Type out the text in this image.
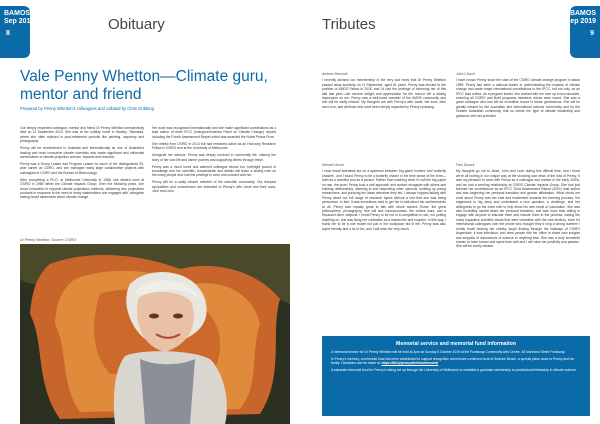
BAMOS
Sep 2019
8
Obituary
Vale Penny Whetton—Climate guru, mentor and friend
Prepared by Penny Whetton’s colleagues and collated by Chris Gribbing

Our deeply respected colleague, mentor and friend Dr Penny Whetton unexpectedly died on 11 September 2019. She was at her holiday home in Stanley, Tasmania, where she often rejoiced in post-retirement pursuits like painting, carpentry and photography.

Penny will be remembered in Australia and internationally as one of Australia’s leading and most innovative climate scientists who made significant and influential contributions to climate projection science, impacts and research.

Penny was a Group Leader and Program Leader for much of her distinguished 25-year career at CSIRO, and she managed many large collaborative projects with colleagues in CSIRO and the Bureau of Meteorology.

After completing a Ph.D. at Melbourne University in 1986, she started work at CSIRO in 1989 within the Climate Impacts Group. Over the following years, she drove innovation in regional climate projections methods, delivering new projections products in response to the need of many stakeholders she engaged with, alongside raising broad awareness about climate change.

Her work was recognised internationally and she made significant contributions as a lead author of three IPCC (Intergovernmental Panel on Climate Change) reports including the Fourth Assessment Report which was awarded the Nobel Peace Prize.

She retired from CSIRO in 2014 but had remained active as an Honorary Research Fellow in CSIRO and at the University of Melbourne.

Alongside her science, Penny was deeply involved in community life, sharing the story of her own life and career journey and supporting others through these.

Penny was a much loved and admired colleague whose fun, forthright pursuit of knowledge and her scientific, humanitarian and artistic will leave a lasting note on the many people who had the privilege to work and connect with her.

Penny will be a sadly missed member of the scientific community. Our deepest sympathies and condolences are extended to Penny’s wife Janet and their sons, John and Leon.

Dr Penny Whetton. Source: CSIRO
BAMOS
Sep 2019
9
Tributes
Andrew Marshall

I recently advised our membership of the very sad news that Dr Penny Whetton passed away suddenly on 11 September, aged 61 years. Penny was elected to the position of AMOS Fellow in 2018, and I’d had the privilege of informing her of this late last year—her sincere delight and appreciation for the honour left a lasting impression on me. Penny was a well-loved member of the AMOS community and she will be sadly missed. My thoughts are with Penny’s wife Janet, the sons John and Leon, and all those who have been deeply impacted by Penny’s passing.

Michael Grose

I once heard scientists are on a spectrum between ‘big game hunters’ and ‘butterfly chasers’, and I found Penny to be a butterfly chaser in the best sense of the term—both as a scientist and as a person. Rather than catching what I’d call the big paper on rain, the prize, Penny took a soft approach and worked alongside with others and building relationships, listening to and respecting other opinions, building up young researchers, and pursuing the ideas wherever they led. I always enjoyed talking with Penny about our full range of research topics without a hint that she was being persuasive. In fact, it was sometimes hard to get her to talk about her achievements at all. Penny was equally great to talk with about ancient Rome, the great philosophers, photography, free will and consciousness, the culture wars, and a thousand other subjects. I found Penny to be not in a competition to win, nor putting anything on, she was living her curiosities as a researcher and enquirer. In this way, I found her to be a role model not just in the workplace but in life. Penny was also super friendly and a lot of fun, and I will miss her very much.

John Church

I have known Penny since the start of the CSIRO climate change program in about 1989. Penny has been a national leader in understanding the impacts of climate change and made major international contributions to the IPCC, but not only, as an IPCC lead author. As a program leader, she worked with me over up to two decades, ensuring all CSIRO and BoM programs members voices were heard. She was a great colleague who has left an incredible record in future generations. She will be greatly missed by the Australian and international science community and by the Greater Australian community that so needs the type of climate leadership and guidance she has provided.

Paul Durack

My thoughts go out to Janet, John and Leon during this difficult time, and I know we’re all hurting in our unique way at the shocking sad news of the loss of Penny. It was my pleasure to work with Penny as a colleague and mentor in the early 2000s, and we had a working relationship at CSIRO Climate Impacts Group. She had just finished her contributions as an IPCC Third Assessment Report (2001) lead author and was beginning her personal transition and gender affirmation. What struck me most about Penny was her zeal and excitement towards the learning process, her eagerness to dig deep and understand a new question, a challenge, and her willingness to go the extra mile to help show his new result or calculation. She was also incredibly candid about her personal transition, and was more than willing to engage with anyone to educate them and include them in the process, easing the many inquisitive scientific minds that were unfamiliar with the new territory, even for international colleagues over the phone who thought they’d rung a wrong number! I vividly recall hearing her cheeky laugh flowing through the hallways of CSIRO Aspendale, it was infectious, and drew people into her office to share new insights and snippets of discussions of science or anything else. She was a truly wonderful human to have known and spent time with and I will miss her positivity and passion. She will be sorely missed.

Memorial service and memorial fund information

A memorial service for Dr Penny Whetton will be held at 2pm on Sunday 6 October 2019 at the Footscray Community Arts Centre, 45 Moreland Street Footscray.

In Penny’s memory, a memorial fund has been established to support recognition and ensure continued work at Science Beach, a special place close to Penny and her family. Donations can be made at: https://bit.ly/pennywhettonmemorial

A separate memorial fund for Penny is being set up through the University of Melbourne to establish a graduate scholarship or postdoctoral fellowship in climate science.
